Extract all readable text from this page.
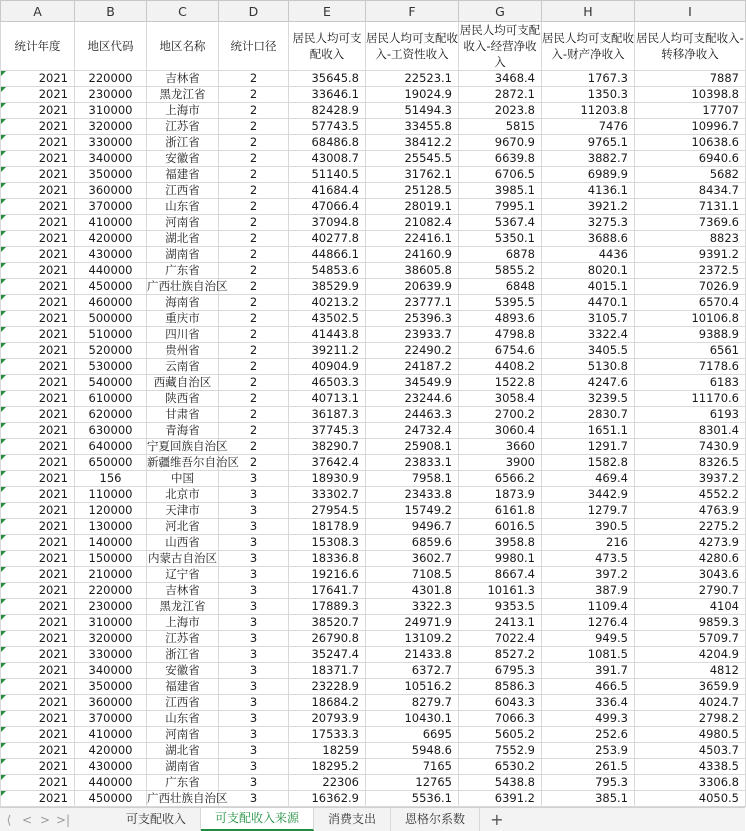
A	B	C	D	E	F	G	H	I
统计年度	地区代码	地区名称	统计口径	居民人均可支配收入	居民人均可支配收入-工资性收入	居民人均可支配收入-经营净收入	居民人均可支配收入-财产净收入	居民人均可支配收入-转移净收入
2021	220000	吉林省	2	35645.8	22523.1	3468.4	1767.3	7887
2021	230000	黑龙江省	2	33646.1	19024.9	2872.1	1350.3	10398.8
2021	310000	上海市	2	82428.9	51494.3	2023.8	11203.8	17707
2021	320000	江苏省	2	57743.5	33455.8	5815	7476	10996.7
2021	330000	浙江省	2	68486.8	38412.2	9670.9	9765.1	10638.6
2021	340000	安徽省	2	43008.7	25545.5	6639.8	3882.7	6940.6
2021	350000	福建省	2	51140.5	31762.1	6706.5	6989.9	5682
2021	360000	江西省	2	41684.4	25128.5	3985.1	4136.1	8434.7
2021	370000	山东省	2	47066.4	28019.1	7995.1	3921.2	7131.1
2021	410000	河南省	2	37094.8	21082.4	5367.4	3275.3	7369.6
2021	420000	湖北省	2	40277.8	22416.1	5350.1	3688.6	8823
2021	430000	湖南省	2	44866.1	24160.9	6878	4436	9391.2
2021	440000	广东省	2	54853.6	38605.8	5855.2	8020.1	2372.5
2021	450000	广西壮族自治区	2	38529.9	20639.9	6848	4015.1	7026.9
2021	460000	海南省	2	40213.2	23777.1	5395.5	4470.1	6570.4
2021	500000	重庆市	2	43502.5	25396.3	4893.6	3105.7	10106.8
2021	510000	四川省	2	41443.8	23933.7	4798.8	3322.4	9388.9
2021	520000	贵州省	2	39211.2	22490.2	6754.6	3405.5	6561
2021	530000	云南省	2	40904.9	24187.2	4408.2	5130.8	7178.6
2021	540000	西藏自治区	2	46503.3	34549.9	1522.8	4247.6	6183
2021	610000	陕西省	2	40713.1	23244.6	3058.4	3239.5	11170.6
2021	620000	甘肃省	2	36187.3	24463.3	2700.2	2830.7	6193
2021	630000	青海省	2	37745.3	24732.4	3060.4	1651.1	8301.4
2021	640000	宁夏回族自治区	2	38290.7	25908.1	3660	1291.7	7430.9
2021	650000	新疆维吾尔自治区	2	37642.4	23833.1	3900	1582.8	8326.5
2021	156	中国	3	18930.9	7958.1	6566.2	469.4	3937.2
2021	110000	北京市	3	33302.7	23433.8	1873.9	3442.9	4552.2
2021	120000	天津市	3	27954.5	15749.2	6161.8	1279.7	4763.9
2021	130000	河北省	3	18178.9	9496.7	6016.5	390.5	2275.2
2021	140000	山西省	3	15308.3	6859.6	3958.8	216	4273.9
2021	150000	内蒙古自治区	3	18336.8	3602.7	9980.1	473.5	4280.6
2021	210000	辽宁省	3	19216.6	7108.5	8667.4	397.2	3043.6
2021	220000	吉林省	3	17641.7	4301.8	10161.3	387.9	2790.7
2021	230000	黑龙江省	3	17889.3	3322.3	9353.5	1109.4	4104
2021	310000	上海市	3	38520.7	24971.9	2413.1	1276.4	9859.3
2021	320000	江苏省	3	26790.8	13109.2	7022.4	949.5	5709.7
2021	330000	浙江省	3	35247.4	21433.8	8527.2	1081.5	4204.9
2021	340000	安徽省	3	18371.7	6372.7	6795.3	391.7	4812
2021	350000	福建省	3	23228.9	10516.2	8586.3	466.5	3659.9
2021	360000	江西省	3	18684.2	8279.7	6043.3	336.4	4024.7
2021	370000	山东省	3	20793.9	10430.1	7066.3	499.3	2798.2
2021	410000	河南省	3	17533.3	6695	5605.2	252.6	4980.5
2021	420000	湖北省	3	18259	5948.6	7552.9	253.9	4503.7
2021	430000	湖南省	3	18295.2	7165	6530.2	261.5	4338.5
2021	440000	广东省	3	22306	12765	5438.8	795.3	3306.8
2021	450000	广西壮族自治区	3	16362.9	5536.1	6391.2	385.1	4050.5
⟨ < > >|	可支配收入	可支配收入来源	消费支出	恩格尔系数	+
